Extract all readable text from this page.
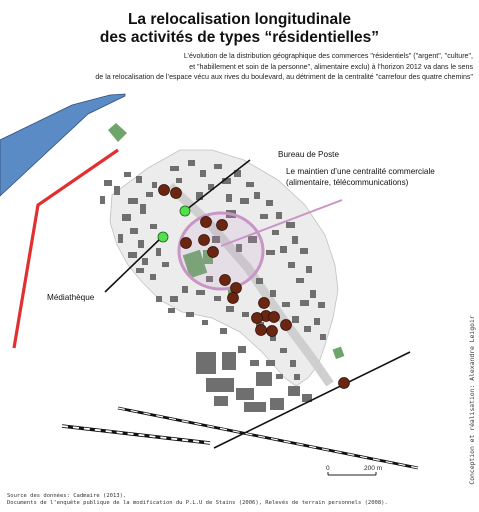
La relocalisation longitudinale
des activités de types “résidentielles”
L’évolution de la distribution géographique des commerces "résidentiels" ("argent", "culture",
et "habillement et soin de la personne", alimentaire exclu) à l’horizon 2012 va dans le sens
de la relocalisation de l’espace vécu aux rives du boulevard, au détriment de la centralité "carrefour des quatre chemins"
Bureau de Poste
Le maintien d’une centralité commerciale
(alimentaire, télécommunications)
Médiathèque
0	200 m
Source des données: Cadmaire (2013).
Documents de l’enquête publique de la modification du P.L.U de Stains (2006), Relevés de terrain personnels (2008).
Conception et réalisation: Alexandre Leigoir
